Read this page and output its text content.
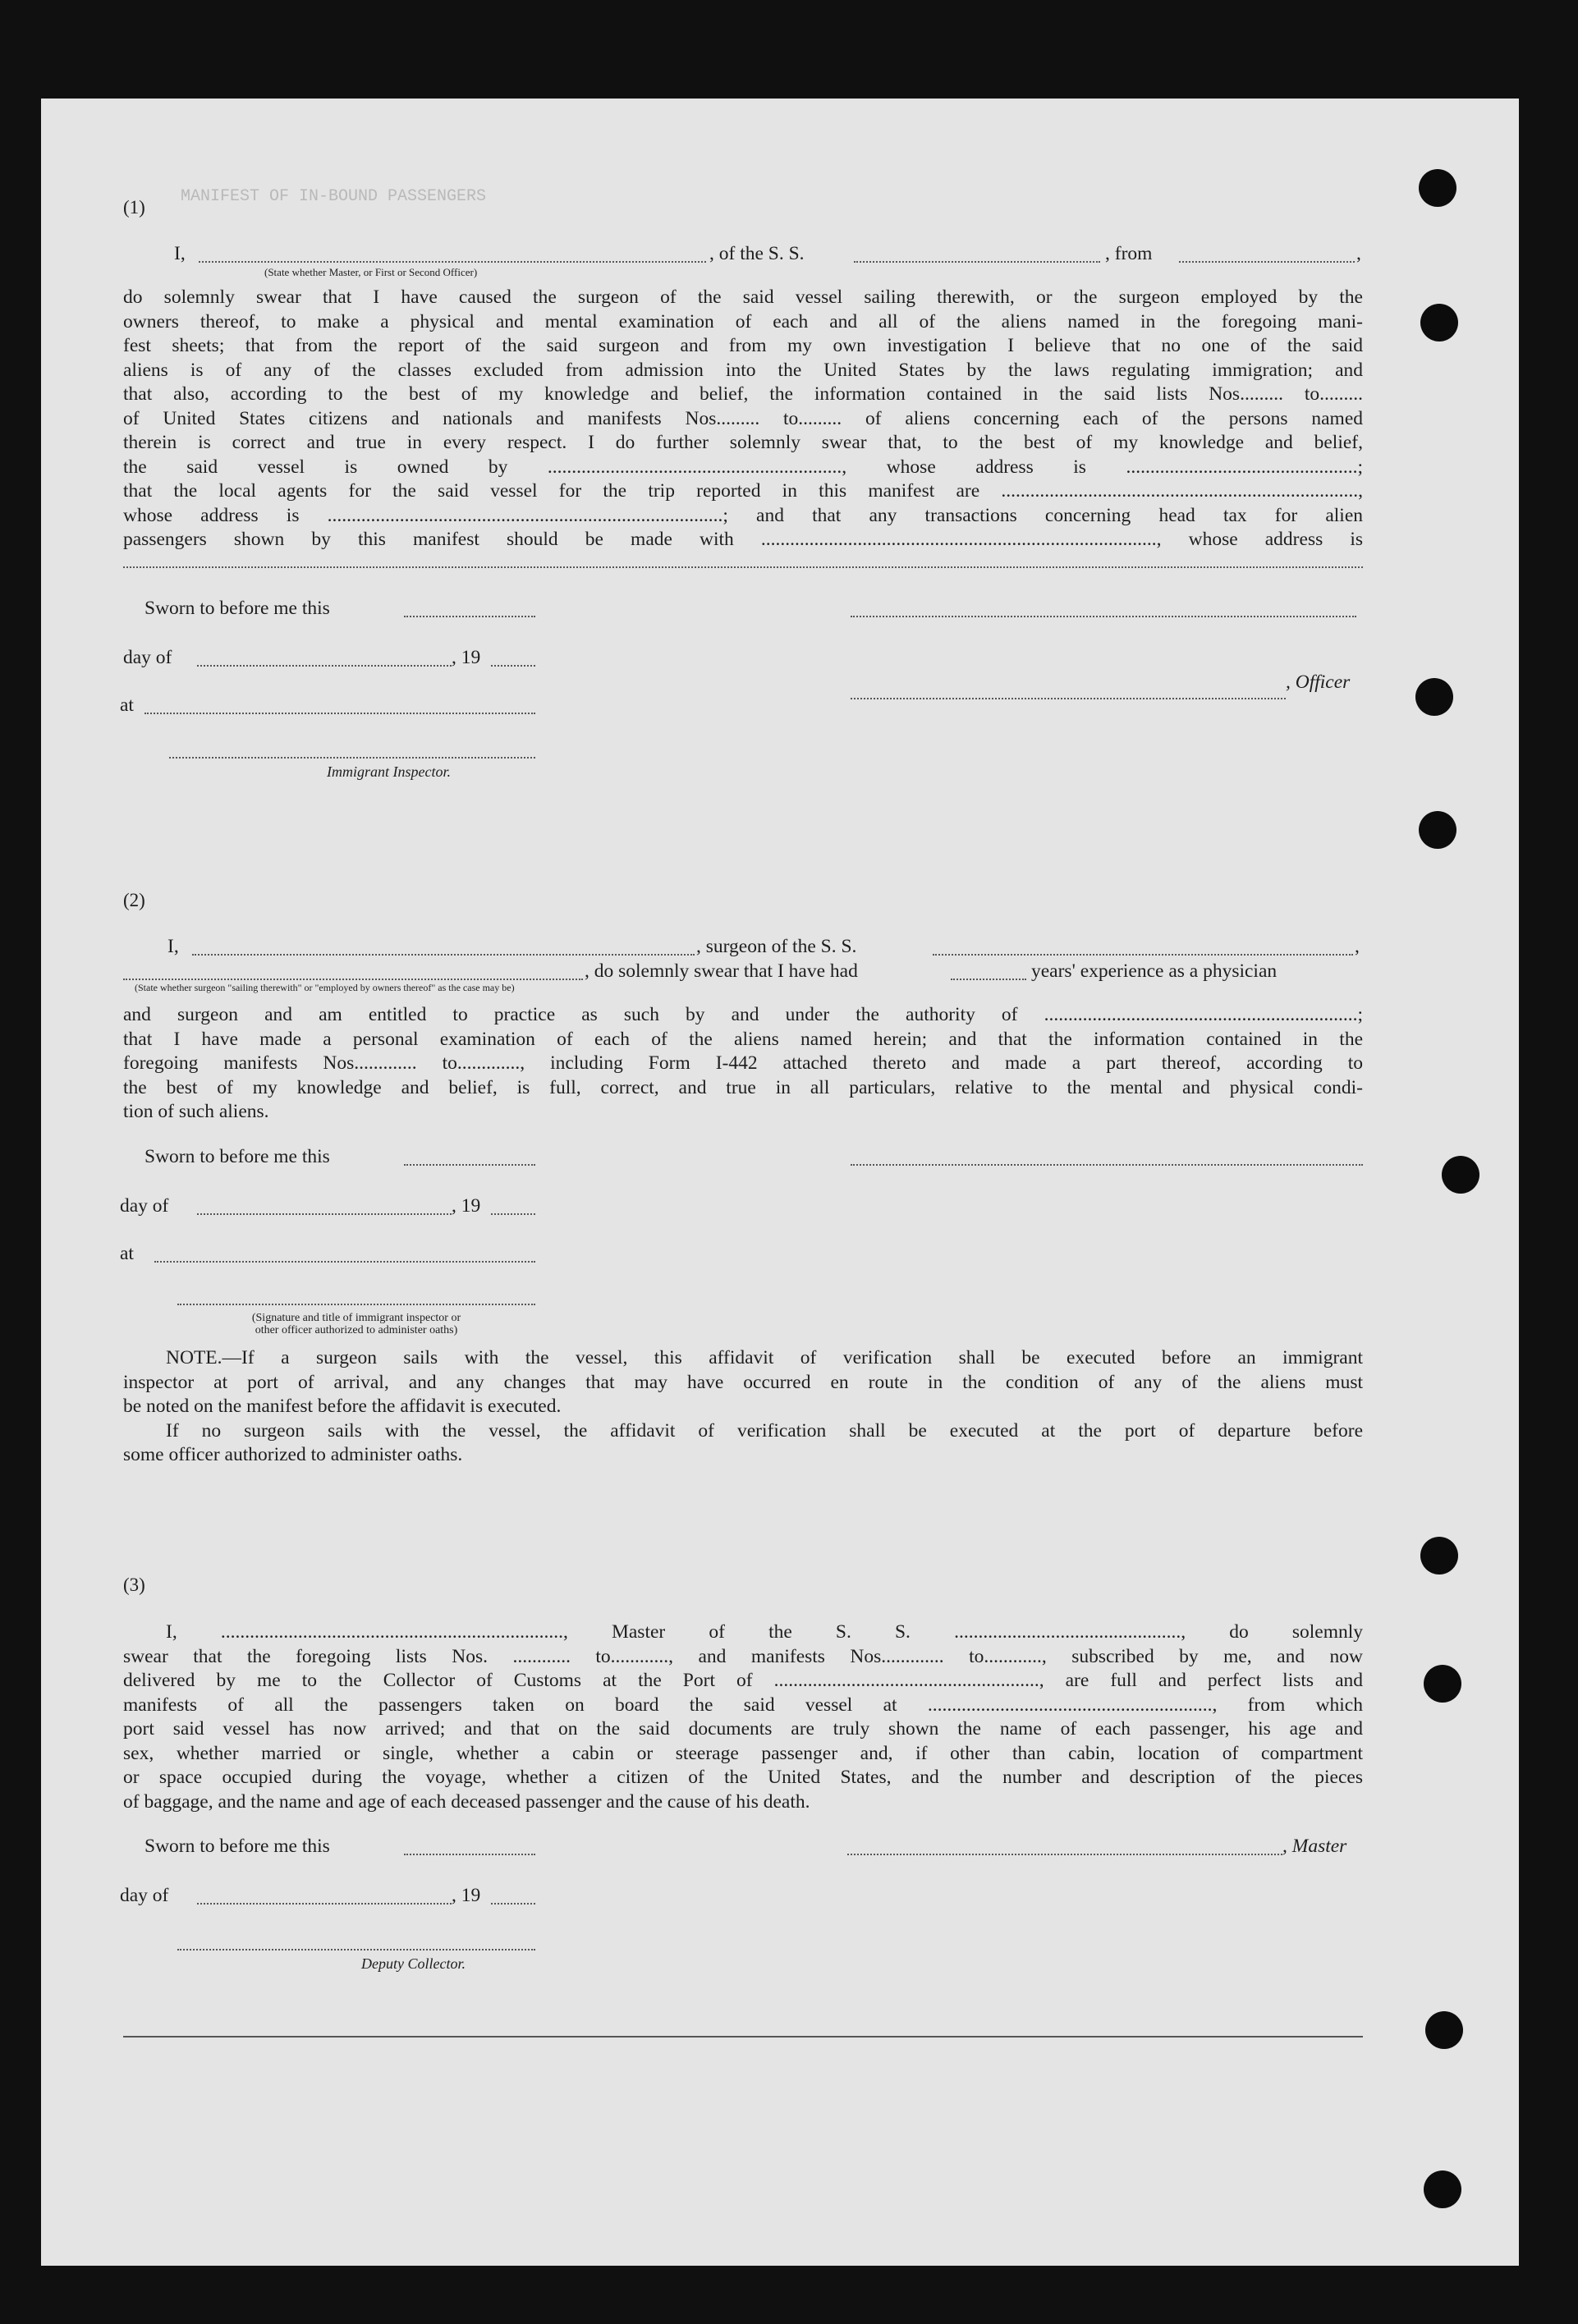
MANIFEST OF IN-BOUND PASSENGERS

(1)

I,	, of the S. S.	, from	,
(State whether Master, or First or Second Officer)

do solemnly swear that I have caused the surgeon of the said vessel sailing therewith, or the surgeon employed by the

owners thereof, to make a physical and mental examination of each and all of the aliens named in the foregoing mani-

fest sheets; that from the report of the said surgeon and from my own investigation I believe that no one of the said

aliens is of any of the classes excluded from admission into the United States by the laws regulating immigration; and

that also, according to the best of my knowledge and belief, the information contained in the said lists Nos......... to.........

of United States citizens and nationals and manifests Nos......... to......... of aliens concerning each of the persons named

therein is correct and true in every respect. I do further solemnly swear that, to the best of my knowledge and belief,

the said vessel is owned by ............................................................., whose address is ................................................;

that the local agents for the said vessel for the trip reported in this manifest are ..........................................................................,

whose address is ..................................................................................; and that any transactions concerning head tax for alien

passengers shown by this manifest should be made with .................................................................................., whose address is

Sworn to before me this
day of	, 19
, Officer
at
Immigrant Inspector.

(2)

I,	, surgeon of the S. S.	,
, do solemnly swear that I have had	years' experience as a physician
(State whether surgeon "sailing therewith" or "employed by owners thereof" as the case may be)

and surgeon and am entitled to practice as such by and under the authority of .................................................................;

that I have made a personal examination of each of the aliens named herein; and that the information contained in the

foregoing manifests Nos............. to............., including Form I-442 attached thereto and made a part thereof, according to

the best of my knowledge and belief, is full, correct, and true in all particulars, relative to the mental and physical condi-

tion of such aliens.

Sworn to before me this
day of	, 19
at
(Signature and title of immigrant inspector or
other officer authorized to administer oaths)

NOTE.—If a surgeon sails with the vessel, this affidavit of verification shall be executed before an immigrant

inspector at port of arrival, and any changes that may have occurred en route in the condition of any of the aliens must

be noted on the manifest before the affidavit is executed.

If no surgeon sails with the vessel, the affidavit of verification shall be executed at the port of departure before

some officer authorized to administer oaths.

(3)

I, ......................................................................., Master of the S. S. ..............................................., do solemnly

swear that the foregoing lists Nos. ............ to............, and manifests Nos............. to............, subscribed by me, and now

delivered by me to the Collector of Customs at the Port of ......................................................., are full and perfect lists and

manifests of all the passengers taken on board the said vessel at ..........................................................., from which

port said vessel has now arrived; and that on the said documents are truly shown the name of each passenger, his age and

sex, whether married or single, whether a cabin or steerage passenger and, if other than cabin, location of compartment

or space occupied during the voyage, whether a citizen of the United States, and the number and description of the pieces

of baggage, and the name and age of each deceased passenger and the cause of his death.

Sworn to before me this	, Master
day of	, 19
Deputy Collector.
